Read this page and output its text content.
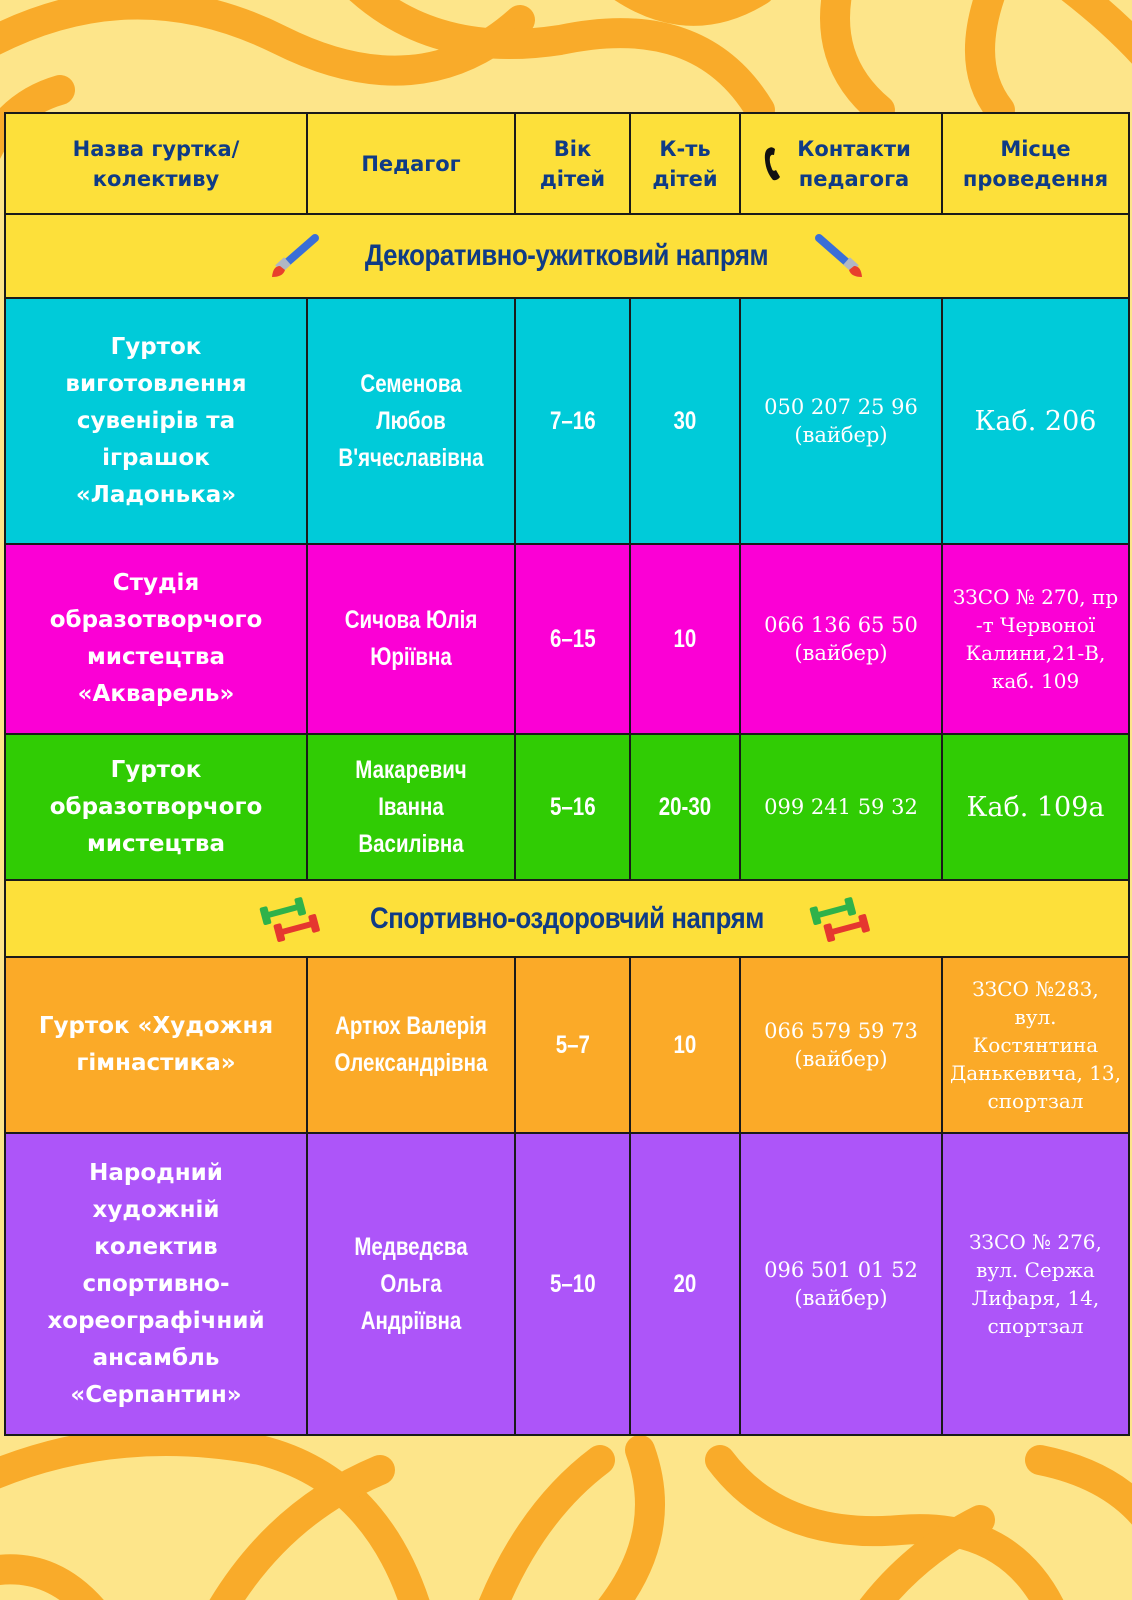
Назва гуртка/ колективу	Педагог	Вік дітей	К-ть дітей	Контакти педагога	Місце проведення
Декоративно-ужитковий напрям					
Гурток виготовлення сувенірів та іграшок «Ладонька»	Семенова Любов В'ячеславівна	7–16	30	050 207 25 96 (вайбер)	Каб. 206
Студія образотворчого мистецтва «Акварель»	Сичова Юлія Юріївна	6–15	10	066 136 65 50 (вайбер)	ЗЗСО № 270, пр -т Червоної Калини,21-В, каб. 109
Гурток образотворчого мистецтва	Макаревич Іванна Василівна	5–16	20-30	099 241 59 32	Каб. 109а
Спортивно-оздоровчий напрям					
Гурток «Художня гімнастика»	Артюх Валерія Олександрівна	5–7	10	066 579 59 73 (вайбер)	ЗЗСО №283, вул. Костянтина Данькевича, 13, спортзал
Народний художній колектив спортивно-хореографічний ансамбль «Серпантин»	Медведєва Ольга Андріївна	5–10	20	096 501 01 52 (вайбер)	ЗЗСО № 276, вул. Сержа Лифаря, 14, спортзал
